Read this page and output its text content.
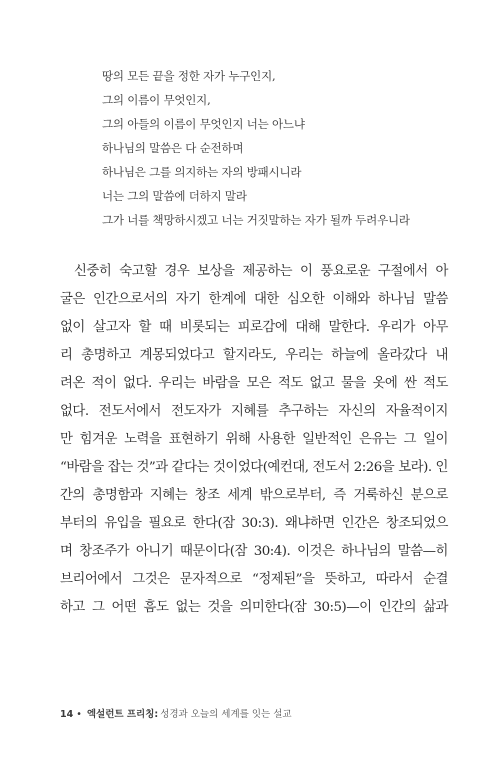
땅의 모든 끝을 정한 자가 누구인지,
그의 이름이 무엇인지,
그의 아들의 이름이 무엇인지 너는 아느냐
하나님의 말씀은 다 순전하며
하나님은 그를 의지하는 자의 방패시니라
너는 그의 말씀에 더하지 말라
그가 너를 책망하시겠고 너는 거짓말하는 자가 될까 두려우니라
신중히 숙고할 경우 보상을 제공하는 이 풍요로운 구절에서 아
굴은 인간으로서의 자기 한계에 대한 심오한 이해와 하나님 말씀
없이 살고자 할 때 비롯되는 피로감에 대해 말한다. 우리가 아무
리 총명하고 계몽되었다고 할지라도, 우리는 하늘에 올라갔다 내
려온 적이 없다. 우리는 바람을 모은 적도 없고 물을 옷에 싼 적도
없다. 전도서에서 전도자가 지혜를 추구하는 자신의 자율적이지
만 힘겨운 노력을 표현하기 위해 사용한 일반적인 은유는 그 일이
“바람을 잡는 것”과 같다는 것이었다(예컨대, 전도서 2:26을 보라). 인
간의 총명함과 지혜는 창조 세계 밖으로부터, 즉 거룩하신 분으로
부터의 유입을 필요로 한다(잠 30:3). 왜냐하면 인간은 창조되었으
며 창조주가 아니기 때문이다(잠 30:4). 이것은 하나님의 말씀—히
브리어에서 그것은 문자적으로 “정제된”을 뜻하고, 따라서 순결
하고 그 어떤 흠도 없는 것을 의미한다(잠 30:5)—이 인간의 삶과
14 • 엑설런트 프리칭: 성경과 오늘의 세계를 잇는 설교
